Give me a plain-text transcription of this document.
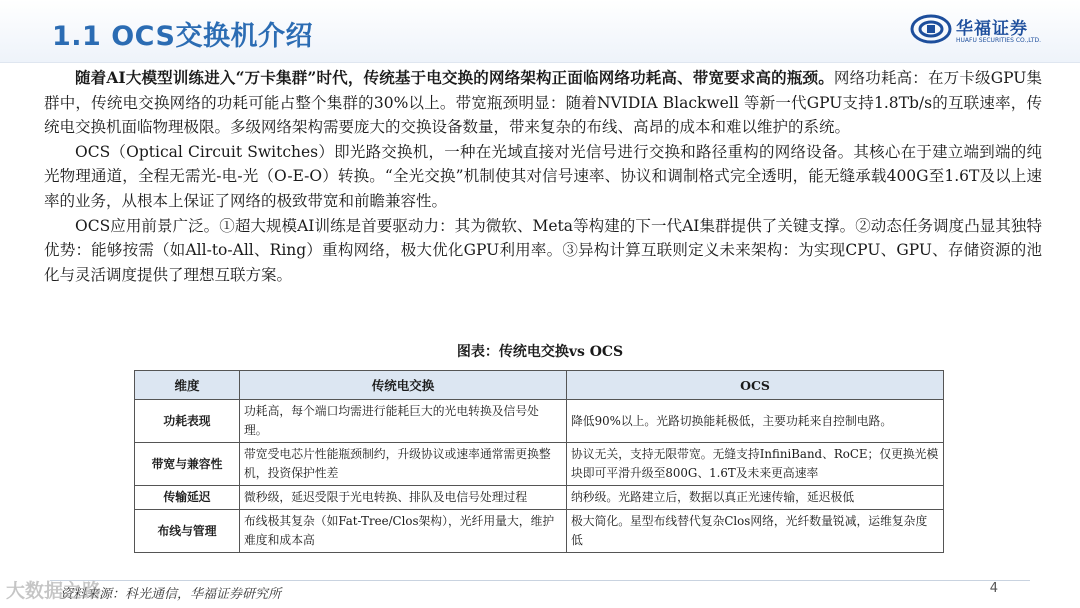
1.1 OCS交换机介绍	华福证券
HUAFU SECURITIES CO.,LTD.

随着AI大模型训练进入“万卡集群”时代，传统基于电交换的网络架构正面临网络功耗高、带宽要求高的瓶颈。网络功耗高：在万卡级GPU集群中，传统电交换网络的功耗可能占整个集群的30%以上。带宽瓶颈明显：随着NVIDIA Blackwell 等新一代GPU支持1.8Tb/s的互联速率，传统电交换机面临物理极限。多级网络架构需要庞大的交换设备数量，带来复杂的布线、高昂的成本和难以维护的系统。

OCS（Optical Circuit Switches）即光路交换机，一种在光域直接对光信号进行交换和路径重构的网络设备。其核心在于建立端到端的纯光物理通道，全程无需光-电-光（O-E-O）转换。“全光交换”机制使其对信号速率、协议和调制格式完全透明，能无缝承载400G至1.6T及以上速率的业务，从根本上保证了网络的极致带宽和前瞻兼容性。

OCS应用前景广泛。①超大规模AI训练是首要驱动力：其为微软、Meta等构建的下一代AI集群提供了关键支撑。②动态任务调度凸显其独特优势：能够按需（如All-to-All、Ring）重构网络，极大优化GPU利用率。③异构计算互联则定义未来架构：为实现CPU、GPU、存储资源的池化与灵活调度提供了理想互联方案。

图表：传统电交换vs OCS
维度	传统电交换	OCS
功耗表现	功耗高，每个端口均需进行能耗巨大的光电转换及信号处理。	降低90%以上。光路切换能耗极低，主要功耗来自控制电路。
带宽与兼容性	带宽受电芯片性能瓶颈制约，升级协议或速率通常需更换整机，投资保护性差	协议无关，支持无限带宽。无缝支持InfiniBand、RoCE；仅更换光模块即可平滑升级至800G、1.6T及未来更高速率
传输延迟	微秒级，延迟受限于光电转换、排队及电信号处理过程	纳秒级。光路建立后，数据以真正光速传输，延迟极低
布线与管理	布线极其复杂（如Fat-Tree/Clos架构），光纤用量大，维护难度和成本高	极大简化。星型布线替代复杂Clos网络，光纤数量锐减，运维复杂度低
资料来源：科光通信，华福证券研究所	4
大数据之路
